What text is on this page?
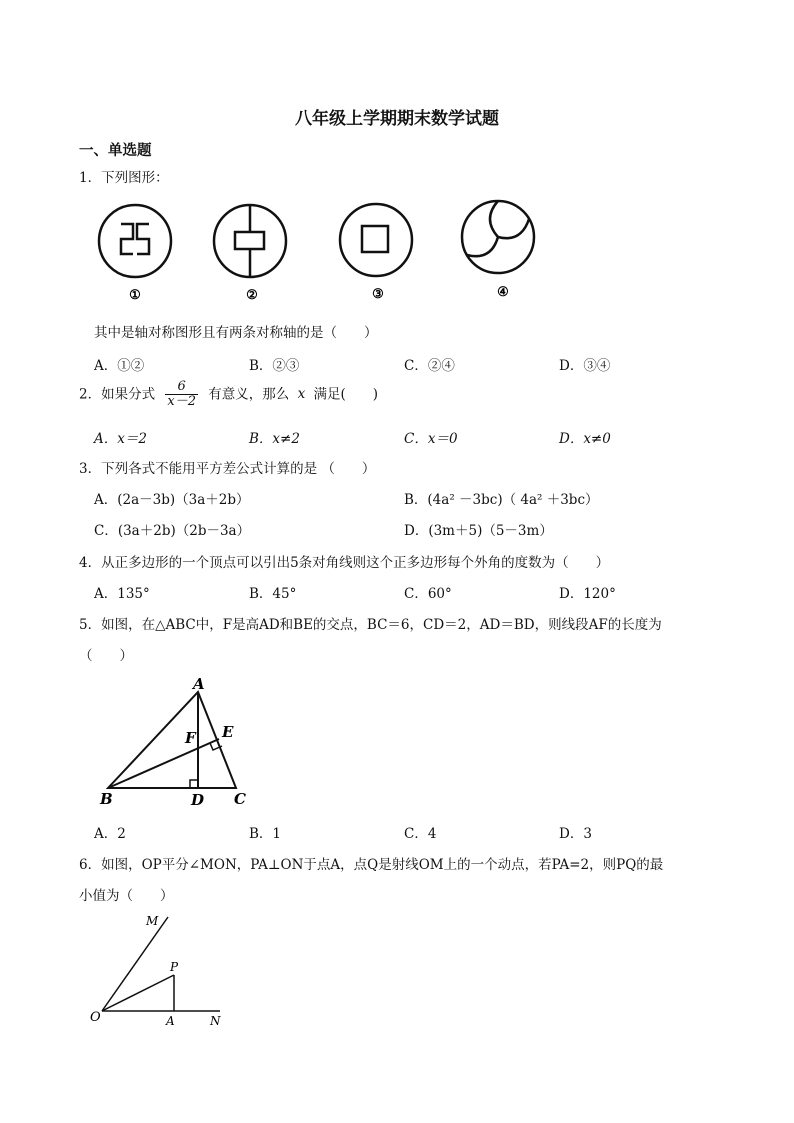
八年级上学期期末数学试题
一、单选题
1．下列图形：
①	②	③	④
其中是轴对称图形且有两条对称轴的是（　　）
A．①②	B．②③	C．②④	D．③④
2．如果分式 $\frac{6}{x-2}$ 有意义，那么 x 满足(　　)
A．x＝2	B．x≠2	C．x＝0	D．x≠0
3．下列各式不能用平方差公式计算的是 （　　）
A．(2a－3b)（3a＋2b）	B．(4a² －3bc)（ 4a² ＋3bc）
C．(3a＋2b)（2b－3a）	D．(3m＋5)（5－3m）
4．从正多边形的一个顶点可以引出5条对角线则这个正多边形每个外角的度数为（　　）
A．135°	B．45°	C．60°	D．120°
5．如图，在△ABC中，F是高AD和BE的交点，BC＝6，CD＝2，AD＝BD，则线段AF的长度为
（　　）
A
B	D C
E
F
A．2	B．1	C．4	D．3
6．如图，OP平分∠MON，PA⊥ON于点A，点Q是射线OM上的一个动点，若PA=2，则PQ的最
小值为（　　）
M
P
O	A	N
